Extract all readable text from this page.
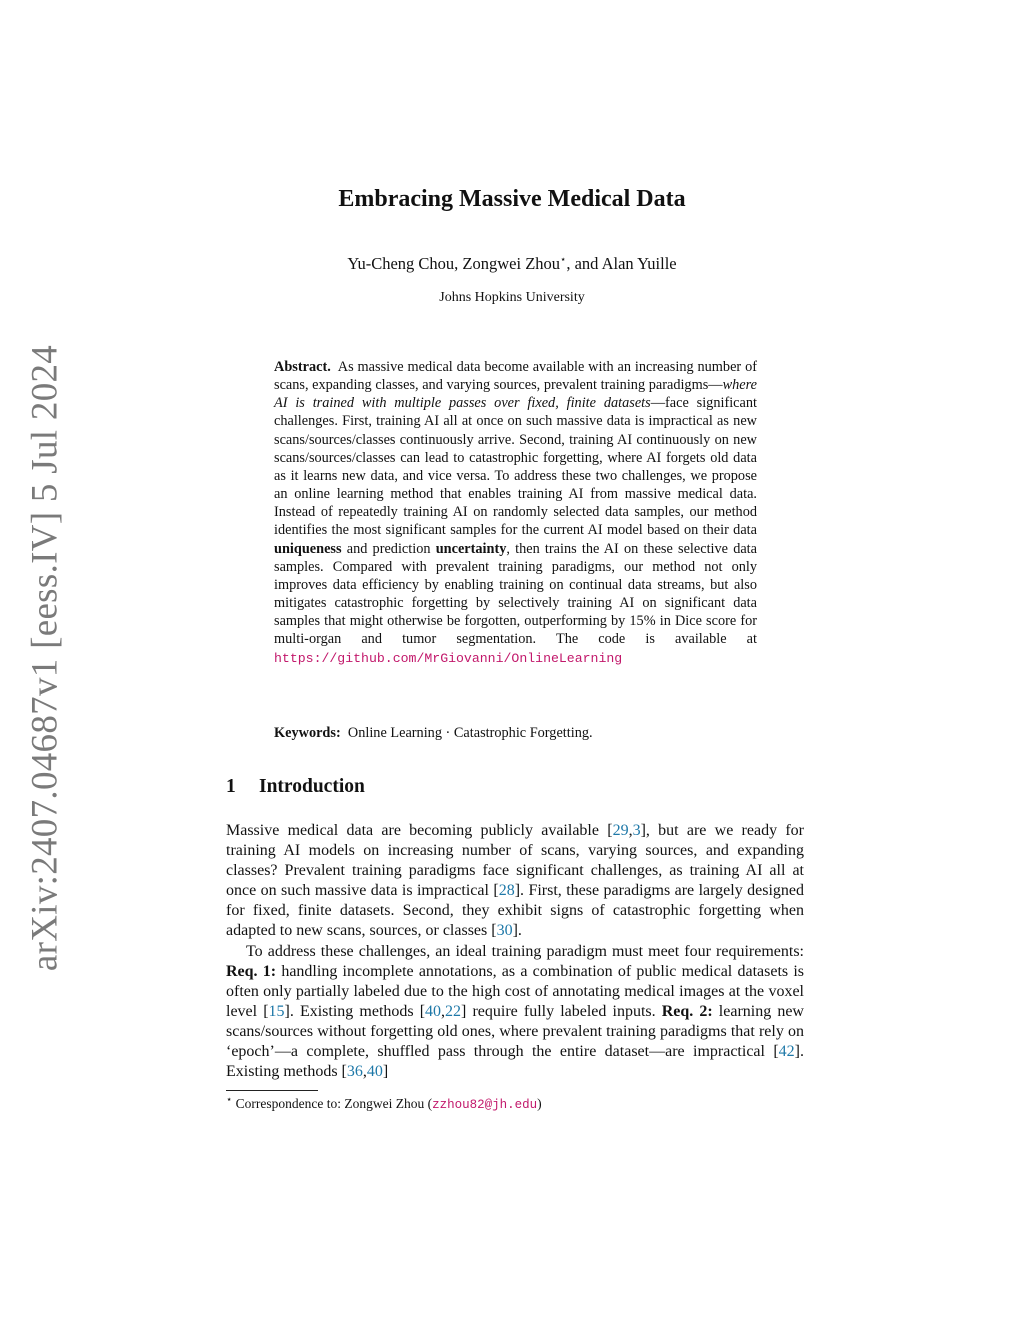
arXiv:2407.04687v1 [eess.IV] 5 Jul 2024
Embracing Massive Medical Data
Yu-Cheng Chou, Zongwei Zhou⋆, and Alan Yuille
Johns Hopkins University
Abstract. As massive medical data become available with an increasing number of scans, expanding classes, and varying sources, prevalent training paradigms—where AI is trained with multiple passes over fixed, finite datasets—face significant challenges. First, training AI all at once on such massive data is impractical as new scans/sources/classes continuously arrive. Second, training AI continuously on new scans/sources/classes can lead to catastrophic forgetting, where AI forgets old data as it learns new data, and vice versa. To address these two challenges, we propose an online learning method that enables training AI from massive medical data. Instead of repeatedly training AI on randomly selected data samples, our method identifies the most significant samples for the current AI model based on their data uniqueness and prediction uncertainty, then trains the AI on these selective data samples. Compared with prevalent training paradigms, our method not only improves data efficiency by enabling training on continual data streams, but also mitigates catastrophic forgetting by selectively training AI on significant data samples that might otherwise be forgotten, outperforming by 15% in Dice score for multi-organ and tumor segmentation. The code is available at https://github.com/MrGiovanni/OnlineLearning
Keywords: Online Learning · Catastrophic Forgetting.
1 Introduction

Massive medical data are becoming publicly available [29,3], but are we ready for training AI models on increasing number of scans, varying sources, and expanding classes? Prevalent training paradigms face significant challenges, as training AI all at once on such massive data is impractical [28]. First, these paradigms are largely designed for fixed, finite datasets. Second, they exhibit signs of catastrophic forgetting when adapted to new scans, sources, or classes [30].

To address these challenges, an ideal training paradigm must meet four requirements: Req. 1: handling incomplete annotations, as a combination of public medical datasets is often only partially labeled due to the high cost of annotating medical images at the voxel level [15]. Existing methods [40,22] require fully labeled inputs. Req. 2: learning new scans/sources without forgetting old ones, where prevalent training paradigms that rely on ‘epoch’—a complete, shuffled pass through the entire dataset—are impractical [42]. Existing methods [36,40]

⋆ Correspondence to: Zongwei Zhou (zzhou82@jh.edu)
